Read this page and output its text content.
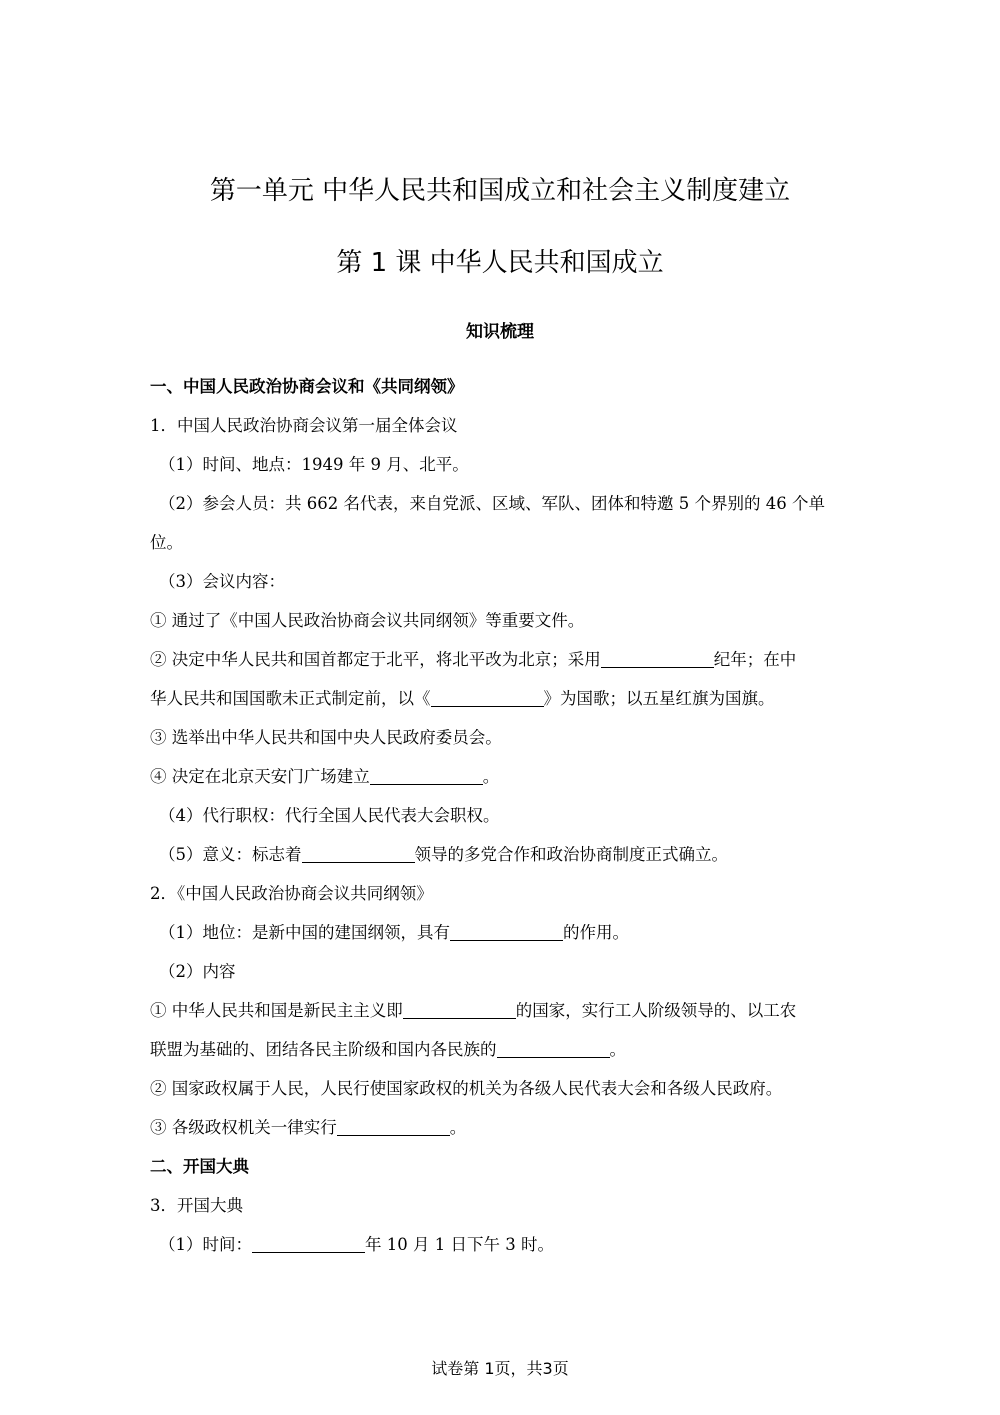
第一单元 中华人民共和国成立和社会主义制度建立
第 1 课 中华人民共和国成立
知识梳理
一、中国人民政治协商会议和《共同纲领》
1．中国人民政治协商会议第一届全体会议
（1）时间、地点：1949 年 9 月、北平。
（2）参会人员：共 662 名代表，来自党派、区域、军队、团体和特邀 5 个界别的 46 个单
位。
（3）会议内容：
① 通过了《中国人民政治协商会议共同纲领》等重要文件。
② 决定中华人民共和国首都定于北平，将北平改为北京；采用	纪年；在中
华人民共和国国歌未正式制定前，以《	》为国歌；以五星红旗为国旗。
③ 选举出中华人民共和国中央人民政府委员会。
④ 决定在北京天安门广场建立	。
（4）代行职权：代行全国人民代表大会职权。
（5）意义：标志着	领导的多党合作和政治协商制度正式确立。
2．《中国人民政治协商会议共同纲领》
（1）地位：是新中国的建国纲领，具有	的作用。
（2）内容
① 中华人民共和国是新民主主义即	的国家，实行工人阶级领导的、以工农
联盟为基础的、团结各民主阶级和国内各民族的	。
② 国家政权属于人民，人民行使国家政权的机关为各级人民代表大会和各级人民政府。
③ 各级政权机关一律实行	。
二、开国大典
3．开国大典
（1）时间：	年 10 月 1 日下午 3 时。
试卷第 1页，共3页
